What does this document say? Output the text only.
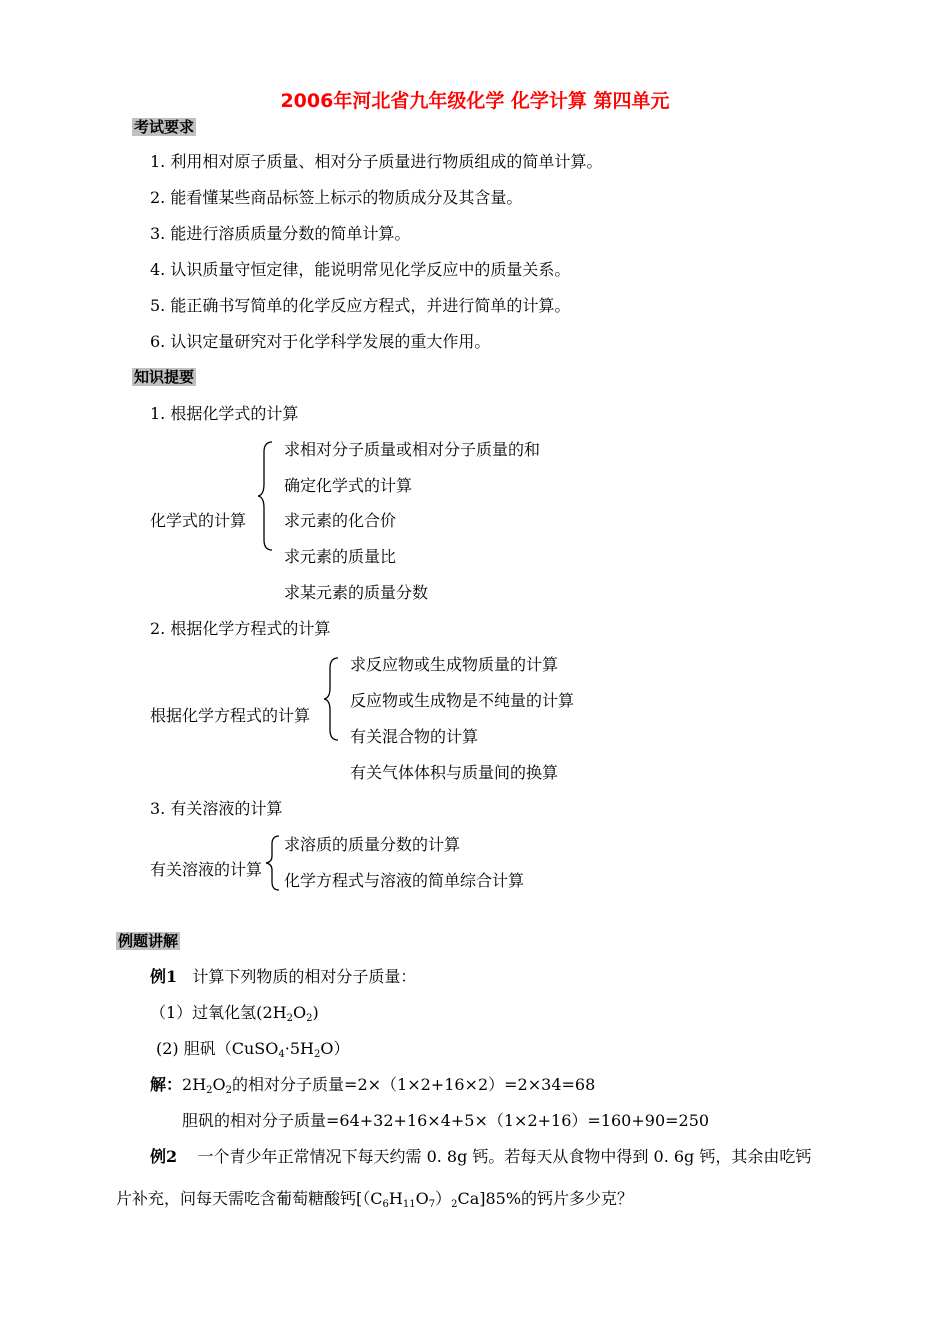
2006年河北省九年级化学 化学计算 第四单元
考试要求
1. 利用相对原子质量、相对分子质量进行物质组成的简单计算。
2. 能看懂某些商品标签上标示的物质成分及其含量。
3. 能进行溶质质量分数的简单计算。
4. 认识质量守恒定律，能说明常见化学反应中的质量关系。
5. 能正确书写简单的化学反应方程式，并进行简单的计算。
6. 认识定量研究对于化学科学发展的重大作用。
知识提要
1. 根据化学式的计算
化学式的计算
求相对分子质量或相对分子质量的和
确定化学式的计算
求元素的化合价
求元素的质量比
求某元素的质量分数
2. 根据化学方程式的计算
根据化学方程式的计算
求反应物或生成物质量的计算
反应物或生成物是不纯量的计算
有关混合物的计算
有关气体体积与质量间的换算
3. 有关溶液的计算
有关溶液的计算
求溶质的质量分数的计算
化学方程式与溶液的简单综合计算
例题讲解
例1 计算下列物质的相对分子质量：
（1）过氧化氢$(2H_2O_2)$
(2) 胆矾$(CuSO_4\cdot 5H_2O)$
解：$2H_2O_2$的相对分子质量=2×（1×2+16×2）=2×34=68
胆矾的相对分子质量=64+32+16×4+5×（1×2+16）=160+90=250
例2 一个青少年正常情况下每天约需 0. 8g 钙。若每天从食物中得到 0. 6g 钙，其余由吃钙
片补充，问每天需吃含葡萄糖酸钙$[(C_6H_{11}O_7)_2Ca]85\%$的钙片多少克？
